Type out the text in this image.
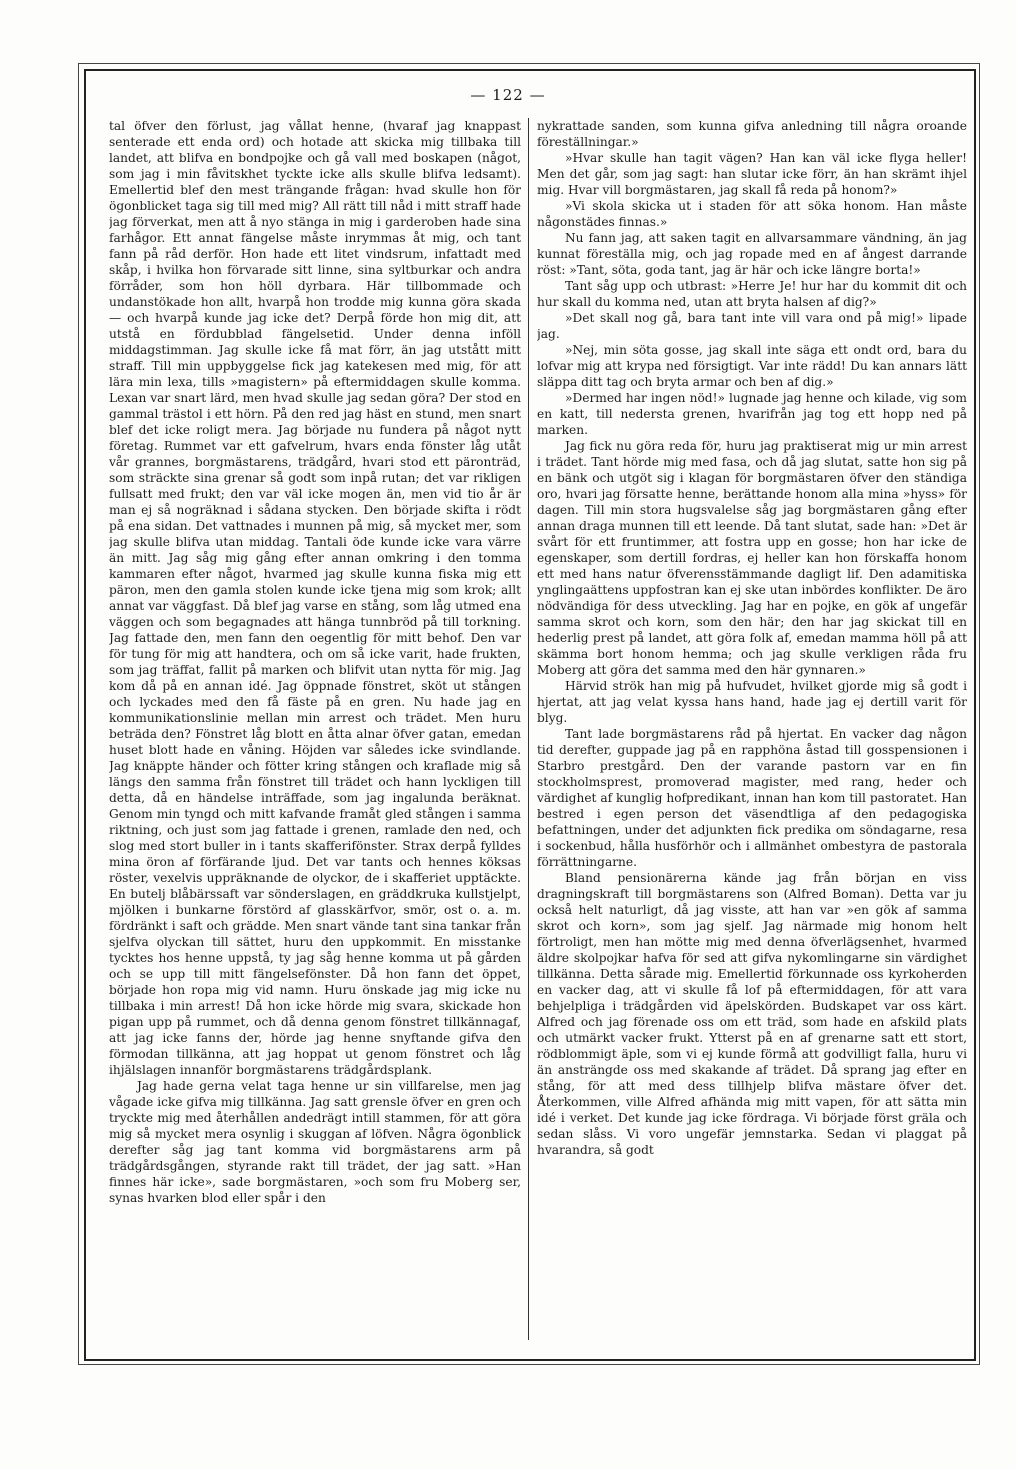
— 122 —

tal öfver den förlust, jag vållat henne, (hvaraf jag knappast senterade ett enda ord) och hotade att skicka mig tillbaka till landet, att blifva en bondpojke och gå vall med boskapen (något, som jag i min fåvitskhet tyckte icke alls skulle blifva ledsamt). Emellertid blef den mest trängande frågan: hvad skulle hon för ögonblicket taga sig till med mig? All rätt till nåd i mitt straff hade jag förverkat, men att å nyo stänga in mig i garderoben hade sina farhågor. Ett annat fängelse måste inrymmas åt mig, och tant fann på råd derför. Hon hade ett litet vindsrum, infattadt med skåp, i hvilka hon förvarade sitt linne, sina syltburkar och andra förråder, som hon höll dyrbara. Här tillbommade och undanstökade hon allt, hvarpå hon trodde mig kunna göra skada — och hvarpå kunde jag icke det? Derpå förde hon mig dit, att utstå en fördubblad fängelsetid. Under denna inföll middagstimman. Jag skulle icke få mat förr, än jag utstått mitt straff. Till min uppbyggelse fick jag katekesen med mig, för att lära min lexa, tills »magistern» på eftermiddagen skulle komma. Lexan var snart lärd, men hvad skulle jag sedan göra? Der stod en gammal trästol i ett hörn. På den red jag häst en stund, men snart blef det icke roligt mera. Jag började nu fundera på något nytt företag. Rummet var ett gafvelrum, hvars enda fönster låg utåt vår grannes, borgmästarens, trädgård, hvari stod ett päronträd, som sträckte sina grenar så godt som inpå rutan; det var rikligen fullsatt med frukt; den var väl icke mogen än, men vid tio år är man ej så nogräknad i sådana stycken. Den började skifta i rödt på ena sidan. Det vattnades i munnen på mig, så mycket mer, som jag skulle blifva utan middag. Tantali öde kunde icke vara värre än mitt. Jag såg mig gång efter annan omkring i den tomma kammaren efter något, hvarmed jag skulle kunna fiska mig ett päron, men den gamla stolen kunde icke tjena mig som krok; allt annat var väggfast. Då blef jag varse en stång, som låg utmed ena väggen och som begagnades att hänga tunnbröd på till torkning. Jag fattade den, men fann den oegentlig för mitt behof. Den var för tung för mig att handtera, och om så icke varit, hade frukten, som jag träffat, fallit på marken och blifvit utan nytta för mig. Jag kom då på en annan idé. Jag öppnade fönstret, sköt ut stången och lyckades med den få fäste på en gren. Nu hade jag en kommunikationslinie mellan min arrest och trädet. Men huru beträda den? Fönstret låg blott en åtta alnar öfver gatan, emedan huset blott hade en våning. Höjden var således icke svindlande. Jag knäppte händer och fötter kring stången och kraflade mig så längs den samma från fönstret till trädet och hann lyckligen till detta, då en händelse inträffade, som jag ingalunda beräknat. Genom min tyngd och mitt kafvande framåt gled stången i samma riktning, och just som jag fattade i grenen, ramlade den ned, och slog med stort buller in i tants skafferifönster. Strax derpå fylldes mina öron af förfärande ljud. Det var tants och hennes köksas röster, vexelvis uppräknande de olyckor, de i skafferiet upptäckte. En butelj blåbärssaft var sönderslagen, en gräddkruka kullstjelpt, mjölken i bunkarne förstörd af glasskärfvor, smör, ost o. a. m. fördränkt i saft och grädde. Men snart vände tant sina tankar från sjelfva olyckan till sättet, huru den uppkommit. En misstanke tycktes hos henne uppstå, ty jag såg henne komma ut på gården och se upp till mitt fängelsefönster. Då hon fann det öppet, började hon ropa mig vid namn. Huru önskade jag mig icke nu tillbaka i min arrest! Då hon icke hörde mig svara, skickade hon pigan upp på rummet, och då denna genom fönstret tillkännagaf, att jag icke fanns der, hörde jag henne snyftande gifva den förmodan tillkänna, att jag hoppat ut genom fönstret och låg ihjälslagen innanför borgmästarens trädgårdsplank.

Jag hade gerna velat taga henne ur sin villfarelse, men jag vågade icke gifva mig tillkänna. Jag satt grensle öfver en gren och tryckte mig med återhållen andedrägt intill stammen, för att göra mig så mycket mera osynlig i skuggan af löfven. Några ögonblick derefter såg jag tant komma vid borgmästarens arm på trädgårdsgången, styrande rakt till trädet, der jag satt. »Han finnes här icke», sade borgmästaren, »och som fru Moberg ser, synas hvarken blod eller spår i den

nykrattade sanden, som kunna gifva anledning till några oroande föreställningar.»

»Hvar skulle han tagit vägen? Han kan väl icke flyga heller! Men det går, som jag sagt: han slutar icke förr, än han skrämt ihjel mig. Hvar vill borgmästaren, jag skall få reda på honom?»

»Vi skola skicka ut i staden för att söka honom. Han måste någonstädes finnas.»

Nu fann jag, att saken tagit en allvarsammare vändning, än jag kunnat föreställa mig, och jag ropade med en af ångest darrande röst: »Tant, söta, goda tant, jag är här och icke längre borta!»

Tant såg upp och utbrast: »Herre Je! hur har du kommit dit och hur skall du komma ned, utan att bryta halsen af dig?»

»Det skall nog gå, bara tant inte vill vara ond på mig!» lipade jag.

»Nej, min söta gosse, jag skall inte säga ett ondt ord, bara du lofvar mig att krypa ned försigtigt. Var inte rädd! Du kan annars lätt släppa ditt tag och bryta armar och ben af dig.»

»Dermed har ingen nöd!» lugnade jag henne och kilade, vig som en katt, till nedersta grenen, hvarifrån jag tog ett hopp ned på marken.

Jag fick nu göra reda för, huru jag praktiserat mig ur min arrest i trädet. Tant hörde mig med fasa, och då jag slutat, satte hon sig på en bänk och utgöt sig i klagan för borgmästaren öfver den ständiga oro, hvari jag försatte henne, berättande honom alla mina »hyss» för dagen. Till min stora hugsvalelse såg jag borgmästaren gång efter annan draga munnen till ett leende. Då tant slutat, sade han: »Det är svårt för ett fruntimmer, att fostra upp en gosse; hon har icke de egenskaper, som dertill fordras, ej heller kan hon förskaffa honom ett med hans natur öfverensstämmande dagligt lif. Den adamitiska ynglingaättens uppfostran kan ej ske utan inbördes konflikter. De äro nödvändiga för dess utveckling. Jag har en pojke, en gök af ungefär samma skrot och korn, som den här; den har jag skickat till en hederlig prest på landet, att göra folk af, emedan mamma höll på att skämma bort honom hemma; och jag skulle verkligen råda fru Moberg att göra det samma med den här gynnaren.»

Härvid strök han mig på hufvudet, hvilket gjorde mig så godt i hjertat, att jag velat kyssa hans hand, hade jag ej dertill varit för blyg.

Tant lade borgmästarens råd på hjertat. En vacker dag någon tid derefter, guppade jag på en rapphöna åstad till gosspensionen i Starbro prestgård. Den der varande pastorn var en fin stockholmsprest, promoverad magister, med rang, heder och värdighet af kunglig hofpredikant, innan han kom till pastoratet. Han bestred i egen person det väsendtliga af den pedagogiska befattningen, under det adjunkten fick predika om söndagarne, resa i sockenbud, hålla husförhör och i allmänhet ombestyra de pastorala förrättningarne.

Bland pensionärerna kände jag från början en viss dragningskraft till borgmästarens son (Alfred Boman). Detta var ju också helt naturligt, då jag visste, att han var »en gök af samma skrot och korn», som jag sjelf. Jag närmade mig honom helt förtroligt, men han mötte mig med denna öfverlägsenhet, hvarmed äldre skolpojkar hafva för sed att gifva nykomlingarne sin värdighet tillkänna. Detta sårade mig. Emellertid förkunnade oss kyrkoherden en vacker dag, att vi skulle få lof på eftermiddagen, för att vara behjelpliga i trädgården vid äpelskörden. Budskapet var oss kärt. Alfred och jag förenade oss om ett träd, som hade en afskild plats och utmärkt vacker frukt. Ytterst på en af grenarne satt ett stort, rödblommigt äple, som vi ej kunde förmå att godvilligt falla, huru vi än ansträngde oss med skakande af trädet. Då sprang jag efter en stång, för att med dess tillhjelp blifva mästare öfver det. Återkommen, ville Alfred afhända mig mitt vapen, för att sätta min idé i verket. Det kunde jag icke fördraga. Vi började först gräla och sedan slåss. Vi voro ungefär jemnstarka. Sedan vi plaggat på hvarandra, så godt
